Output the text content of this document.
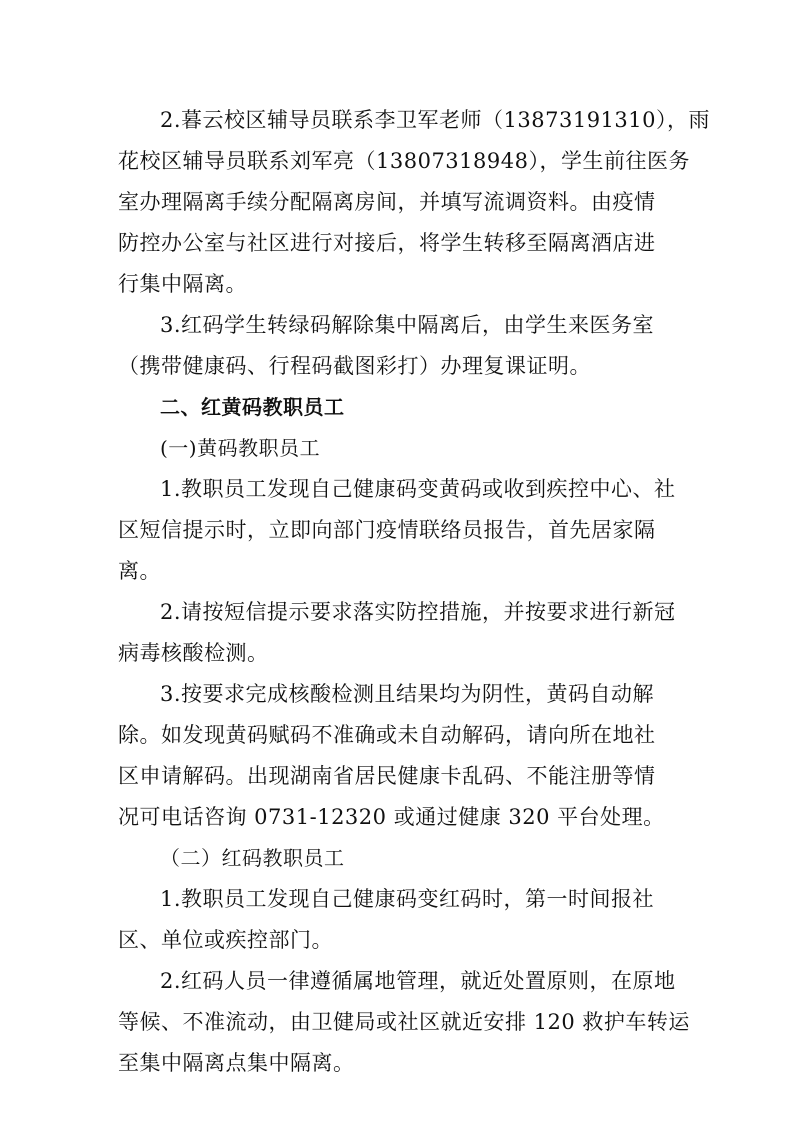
2.暮云校区辅导员联系李卫军老师（13873191310），雨
花校区辅导员联系刘军亮（13807318948），学生前往医务
室办理隔离手续分配隔离房间，并填写流调资料。由疫情
防控办公室与社区进行对接后，将学生转移至隔离酒店进
行集中隔离。
3.红码学生转绿码解除集中隔离后，由学生来医务室
（携带健康码、行程码截图彩打）办理复课证明。
二、红黄码教职员工
(一)黄码教职员工
1.教职员工发现自己健康码变黄码或收到疾控中心、社
区短信提示时，立即向部门疫情联络员报告，首先居家隔
离。
2.请按短信提示要求落实防控措施，并按要求进行新冠
病毒核酸检测。
3.按要求完成核酸检测且结果均为阴性，黄码自动解
除。如发现黄码赋码不准确或未自动解码，请向所在地社
区申请解码。出现湖南省居民健康卡乱码、不能注册等情
况可电话咨询 0731-12320 或通过健康 320 平台处理。
（二）红码教职员工
1.教职员工发现自己健康码变红码时，第一时间报社
区、单位或疾控部门。
2.红码人员一律遵循属地管理，就近处置原则，在原地
等候、不准流动，由卫健局或社区就近安排 120 救护车转运
至集中隔离点集中隔离。
